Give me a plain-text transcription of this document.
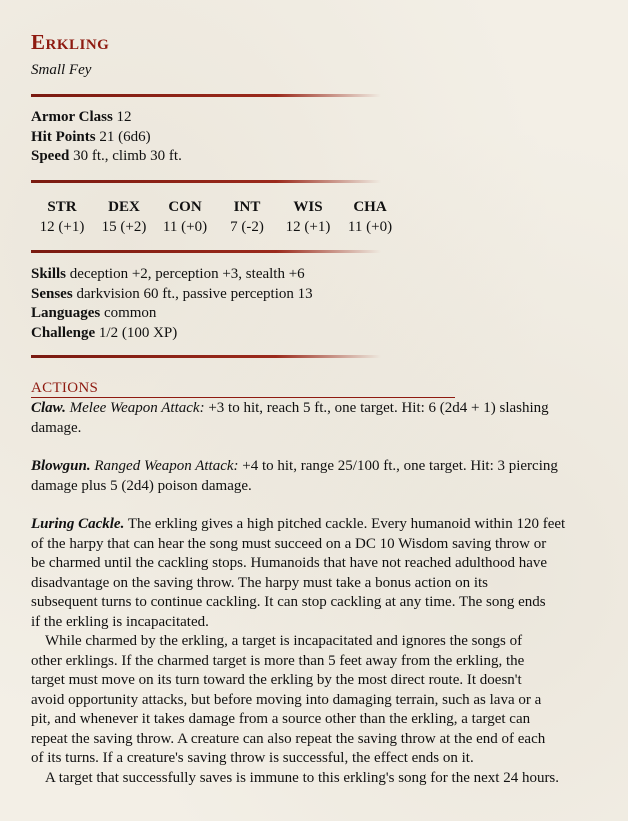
Erkling
Small Fey
Armor Class 12
Hit Points 21 (6d6)
Speed 30 ft., climb 30 ft.
STR
12 (+1)
DEX
15 (+2)
CON
11 (+0)
INT
7 (-2)
WIS
12 (+1)
CHA
11 (+0)
Skills deception +2, perception +3, stealth +6
Senses darkvision 60 ft., passive perception 13
Languages common
Challenge 1/2 (100 XP)
ACTIONS
Claw. Melee Weapon Attack: +3 to hit, reach 5 ft., one target. Hit: 6 (2d4 + 1) slashing
damage.
Blowgun. Ranged Weapon Attack: +4 to hit, range 25/100 ft., one target. Hit: 3 piercing
damage plus 5 (2d4) poison damage.
Luring Cackle. The erkling gives a high pitched cackle. Every humanoid within 120 feet
of the harpy that can hear the song must succeed on a DC 10 Wisdom saving throw or
be charmed until the cackling stops. Humanoids that have not reached adulthood have
disadvantage on the saving throw. The harpy must take a bonus action on its
subsequent turns to continue cackling. It can stop cackling at any time. The song ends
if the erkling is incapacitated.
While charmed by the erkling, a target is incapacitated and ignores the songs of
other erklings. If the charmed target is more than 5 feet away from the erkling, the
target must move on its turn toward the erkling by the most direct route. It doesn't
avoid opportunity attacks, but before moving into damaging terrain, such as lava or a
pit, and whenever it takes damage from a source other than the erkling, a target can
repeat the saving throw. A creature can also repeat the saving throw at the end of each
of its turns. If a creature's saving throw is successful, the effect ends on it.
A target that successfully saves is immune to this erkling's song for the next 24 hours.
